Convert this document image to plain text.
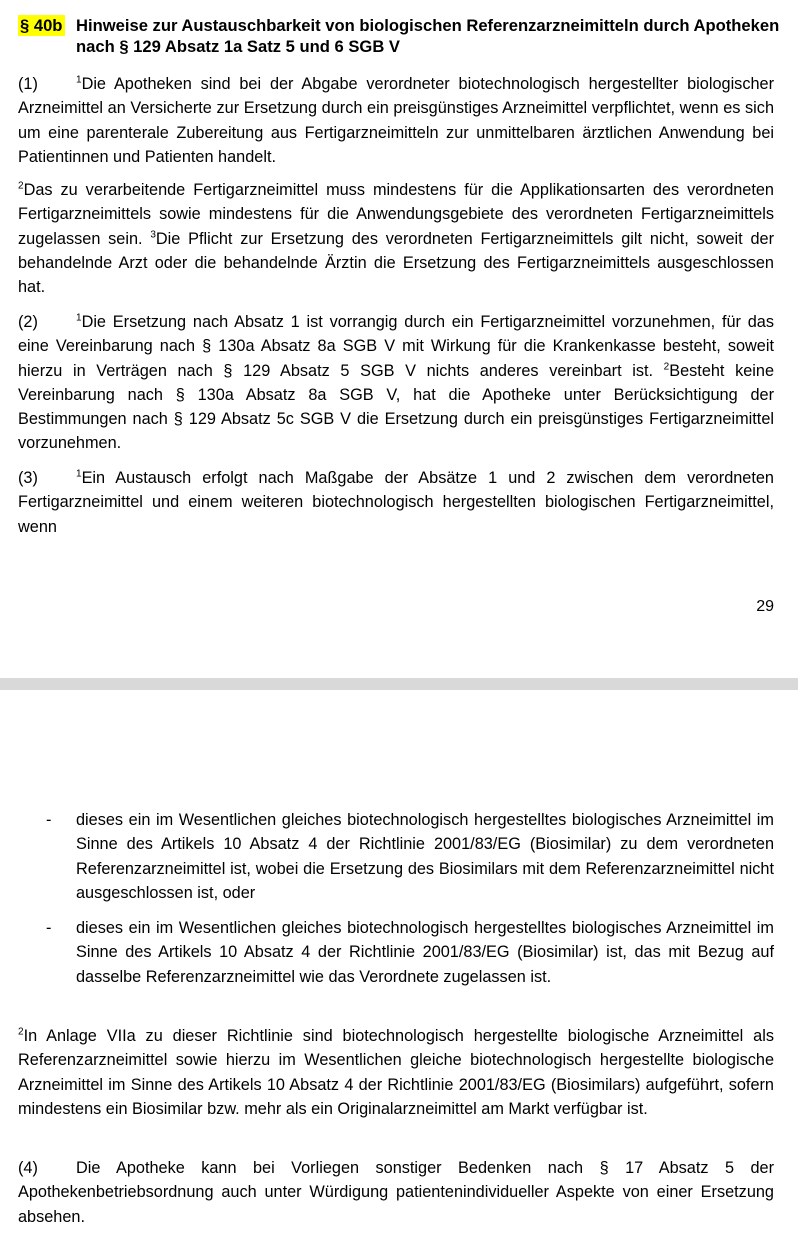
§ 40b Hinweise zur Austauschbarkeit von biologischen Referenzarzneimitteln durch Apotheken nach § 129 Absatz 1a Satz 5 und 6 SGB V

(1)	$^1$Die Apotheken sind bei der Abgabe verordneter biotechnologisch hergestellter biologischer Arzneimittel an Versicherte zur Ersetzung durch ein preisgünstiges Arzneimittel verpflichtet, wenn es sich um eine parenterale Zubereitung aus Fertigarzneimitteln zur unmittelbaren ärztlichen Anwendung bei Patientinnen und Patienten handelt.

$^2$Das zu verarbeitende Fertigarzneimittel muss mindestens für die Applikationsarten des verordneten Fertigarzneimittels sowie mindestens für die Anwendungsgebiete des verordneten Fertigarzneimittels zugelassen sein. $^3$Die Pflicht zur Ersetzung des verordneten Fertigarzneimittels gilt nicht, soweit der behandelnde Arzt oder die behandelnde Ärztin die Ersetzung des Fertigarzneimittels ausgeschlossen hat.

(2)	$^1$Die Ersetzung nach Absatz 1 ist vorrangig durch ein Fertigarzneimittel vorzunehmen, für das eine Vereinbarung nach § 130a Absatz 8a SGB V mit Wirkung für die Krankenkasse besteht, soweit hierzu in Verträgen nach § 129 Absatz 5 SGB V nichts anderes vereinbart ist. $^2$Besteht keine Vereinbarung nach § 130a Absatz 8a SGB V, hat die Apotheke unter Berücksichtigung der Bestimmungen nach § 129 Absatz 5c SGB V die Ersetzung durch ein preisgünstiges Fertigarzneimittel vorzunehmen.

(3)	$^1$Ein Austausch erfolgt nach Maßgabe der Absätze 1 und 2 zwischen dem verordneten Fertigarzneimittel und einem weiteren biotechnologisch hergestellten biologischen Fertigarzneimittel, wenn

29
- dieses ein im Wesentlichen gleiches biotechnologisch hergestelltes biologisches Arzneimittel im Sinne des Artikels 10 Absatz 4 der Richtlinie 2001/83/EG (Biosimilar) zu dem verordneten Referenzarzneimittel ist, wobei die Ersetzung des Biosimilars mit dem Referenzarzneimittel nicht ausgeschlossen ist, oder
- dieses ein im Wesentlichen gleiches biotechnologisch hergestelltes biologisches Arzneimittel im Sinne des Artikels 10 Absatz 4 der Richtlinie 2001/83/EG (Biosimilar) ist, das mit Bezug auf dasselbe Referenzarzneimittel wie das Verordnete zugelassen ist.

$^2$In Anlage VIIa zu dieser Richtlinie sind biotechnologisch hergestellte biologische Arzneimittel als Referenzarzneimittel sowie hierzu im Wesentlichen gleiche biotechnologisch hergestellte biologische Arzneimittel im Sinne des Artikels 10 Absatz 4 der Richtlinie 2001/83/EG (Biosimilars) aufgeführt, sofern mindestens ein Biosimilar bzw. mehr als ein Originalarzneimittel am Markt verfügbar ist.

(4) Die Apotheke kann bei Vorliegen sonstiger Bedenken nach § 17 Absatz 5 der Apothekenbetriebsordnung auch unter Würdigung patientenindividueller Aspekte von einer Ersetzung absehen.
